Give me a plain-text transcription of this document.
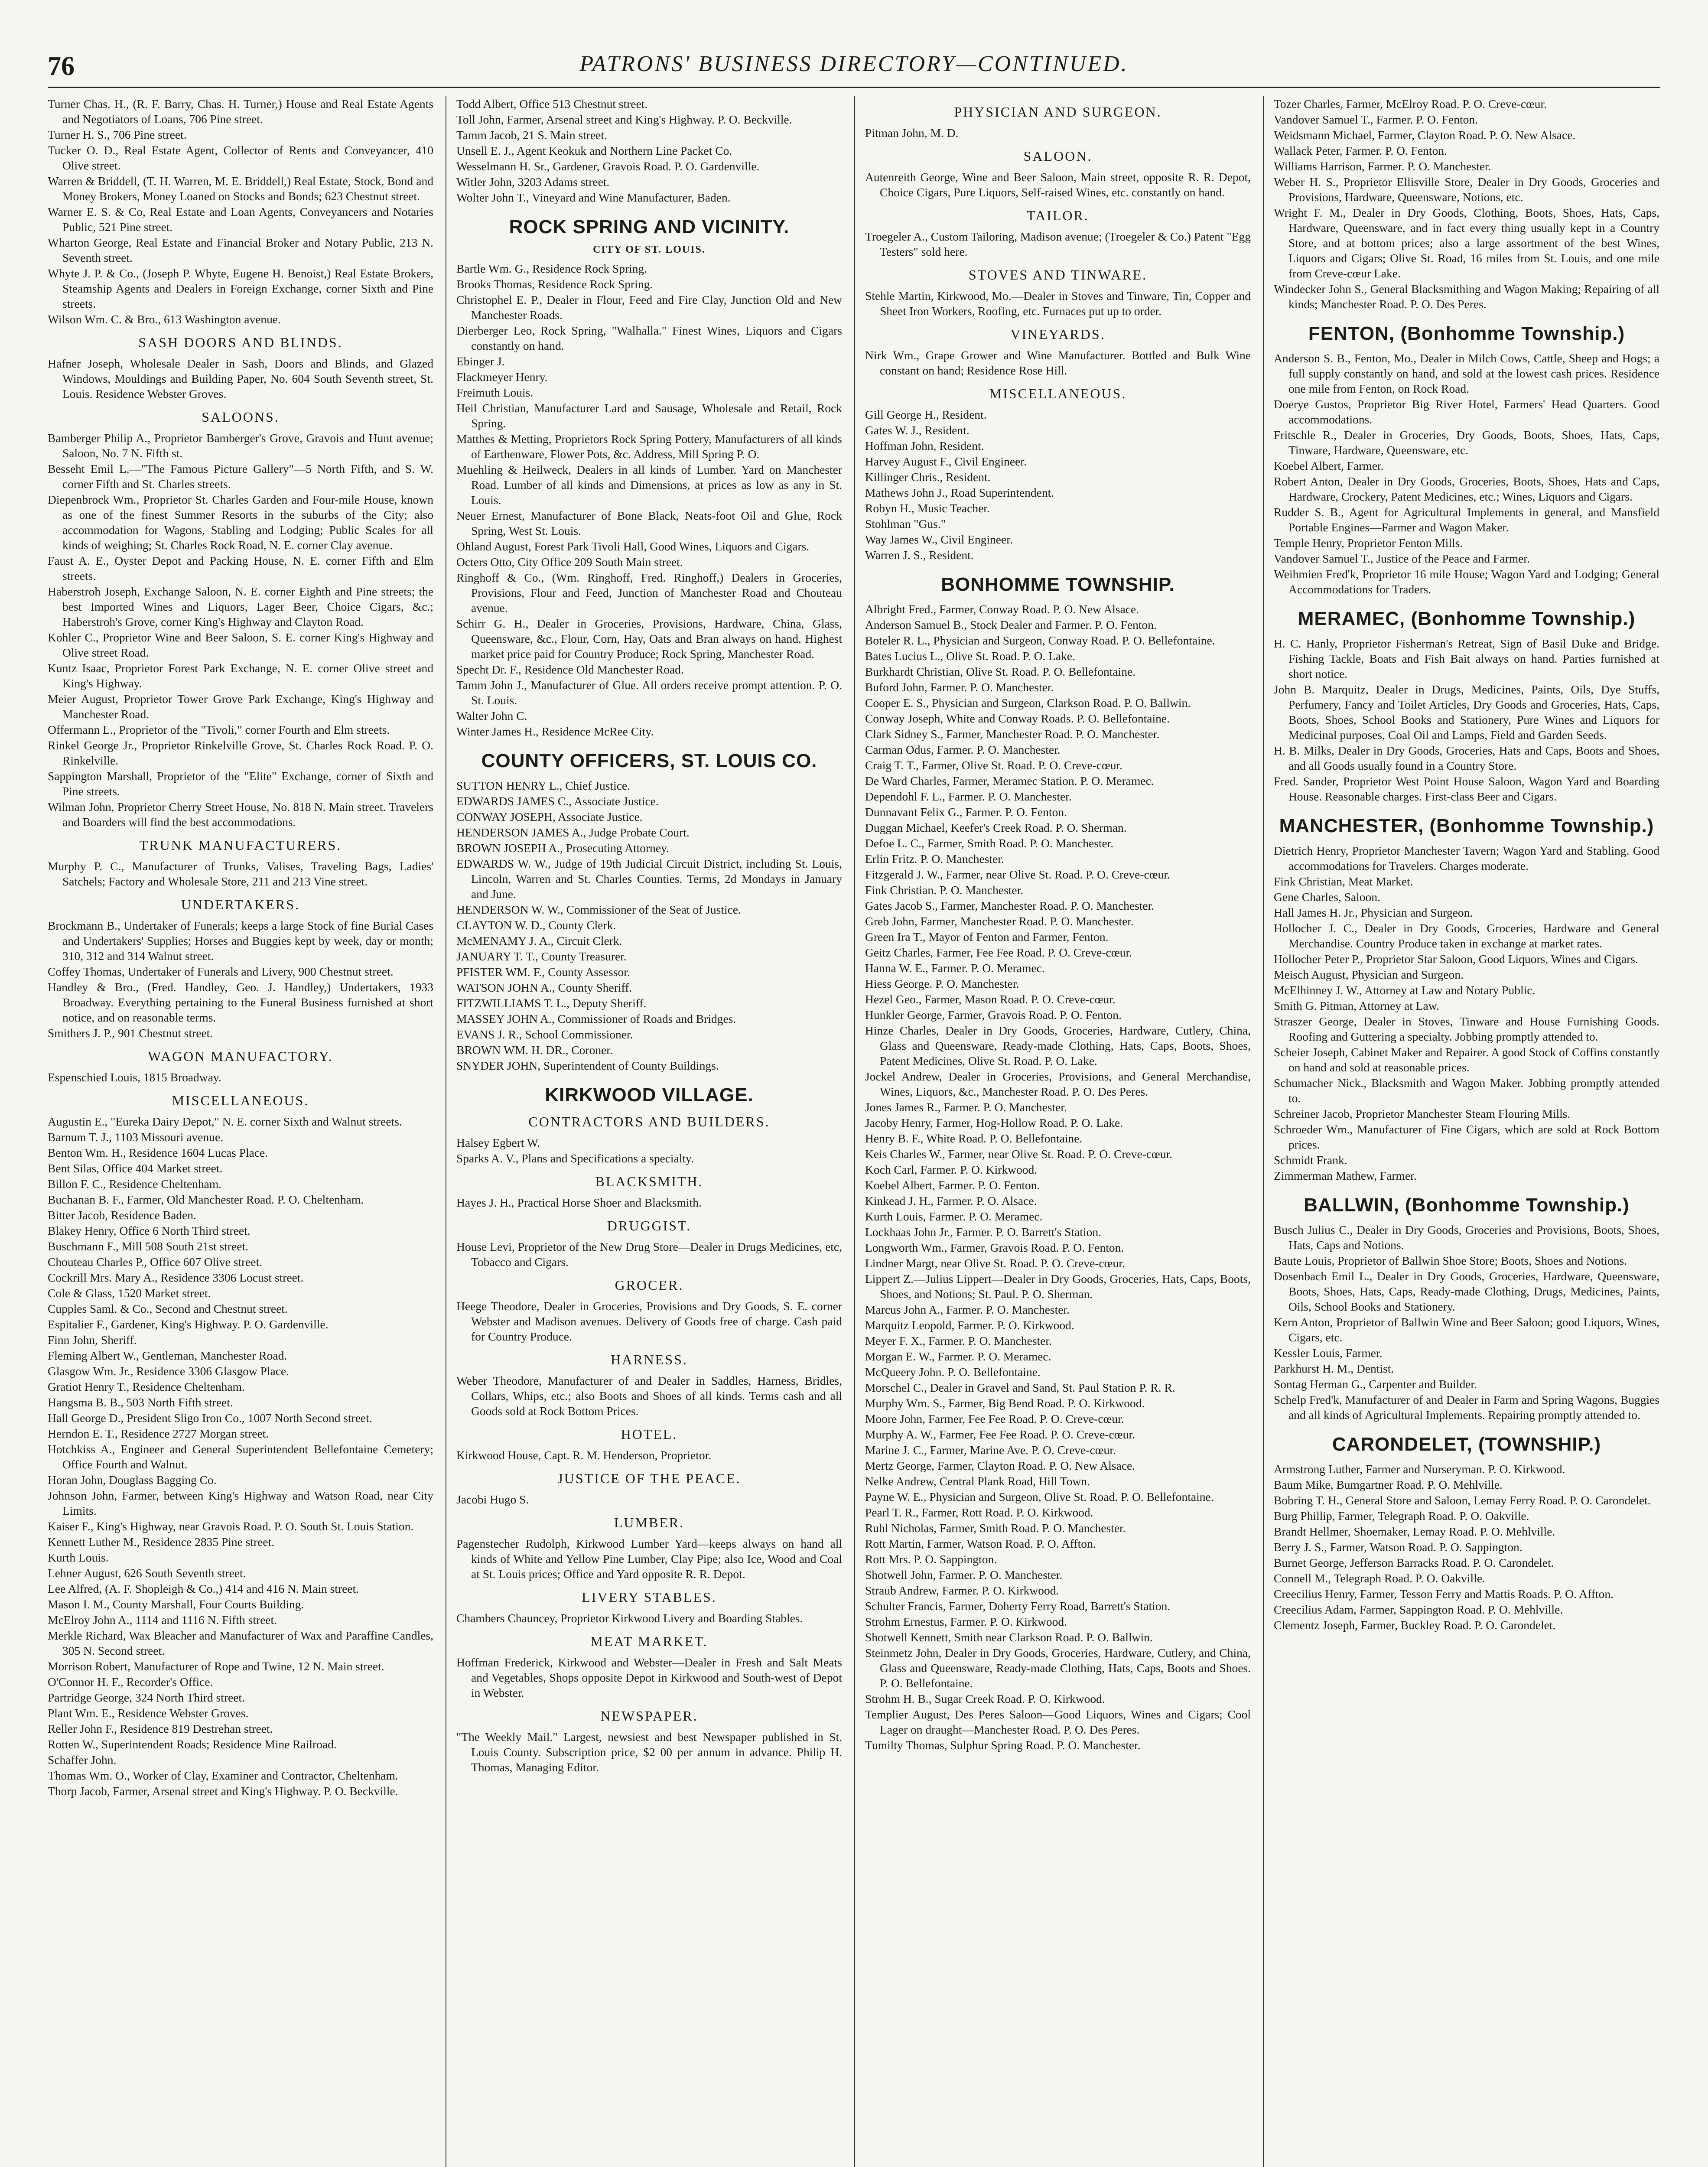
76	PATRONS' BUSINESS DIRECTORY—CONTINUED.
Turner Chas. H., (R. F. Barry, Chas. H. Turner,) House and Real Estate Agents and Negotiators of Loans, 706 Pine street.
Turner H. S., 706 Pine street.
Tucker O. D., Real Estate Agent, Collector of Rents and Conveyancer, 410 Olive street.
Warren & Briddell, (T. H. Warren, M. E. Briddell,) Real Estate, Stock, Bond and Money Brokers, Money Loaned on Stocks and Bonds; 623 Chestnut street.
Warner E. S. & Co, Real Estate and Loan Agents, Conveyancers and Notaries Public, 521 Pine street.
Wharton George, Real Estate and Financial Broker and Notary Public, 213 N. Seventh street.
Whyte J. P. & Co., (Joseph P. Whyte, Eugene H. Benoist,) Real Estate Brokers, Steamship Agents and Dealers in Foreign Exchange, corner Sixth and Pine streets.
Wilson Wm. C. & Bro., 613 Washington avenue.
SASH DOORS AND BLINDS.
Hafner Joseph, Wholesale Dealer in Sash, Doors and Blinds, and Glazed Windows, Mouldings and Building Paper, No. 604 South Seventh street, St. Louis. Residence Webster Groves.
SALOONS.
Bamberger Philip A., Proprietor Bamberger's Grove, Gravois and Hunt avenue; Saloon, No. 7 N. Fifth st.
Besseht Emil L.—"The Famous Picture Gallery"—5 North Fifth, and S. W. corner Fifth and St. Charles streets.
Diepenbrock Wm., Proprietor St. Charles Garden and Four-mile House, known as one of the finest Summer Resorts in the suburbs of the City; also accommodation for Wagons, Stabling and Lodging; Public Scales for all kinds of weighing; St. Charles Rock Road, N. E. corner Clay avenue.
Faust A. E., Oyster Depot and Packing House, N. E. corner Fifth and Elm streets.
Haberstroh Joseph, Exchange Saloon, N. E. corner Eighth and Pine streets; the best Imported Wines and Liquors, Lager Beer, Choice Cigars, &c.; Haberstroh's Grove, corner King's Highway and Clayton Road.
Kohler C., Proprietor Wine and Beer Saloon, S. E. corner King's Highway and Olive street Road.
Kuntz Isaac, Proprietor Forest Park Exchange, N. E. corner Olive street and King's Highway.
Meier August, Proprietor Tower Grove Park Exchange, King's Highway and Manchester Road.
Offermann L., Proprietor of the "Tivoli," corner Fourth and Elm streets.
Rinkel George Jr., Proprietor Rinkelville Grove, St. Charles Rock Road. P. O. Rinkelville.
Sappington Marshall, Proprietor of the "Elite" Exchange, corner of Sixth and Pine streets.
Wilman John, Proprietor Cherry Street House, No. 818 N. Main street. Travelers and Boarders will find the best accommodations.
TRUNK MANUFACTURERS.
Murphy P. C., Manufacturer of Trunks, Valises, Traveling Bags, Ladies' Satchels; Factory and Wholesale Store, 211 and 213 Vine street.
UNDERTAKERS.
Brockmann B., Undertaker of Funerals; keeps a large Stock of fine Burial Cases and Undertakers' Supplies; Horses and Buggies kept by week, day or month; 310, 312 and 314 Walnut street.
Coffey Thomas, Undertaker of Funerals and Livery, 900 Chestnut street.
Handley & Bro., (Fred. Handley, Geo. J. Handley,) Undertakers, 1933 Broadway. Everything pertaining to the Funeral Business furnished at short notice, and on reasonable terms.
Smithers J. P., 901 Chestnut street.
WAGON MANUFACTORY.
Espenschied Louis, 1815 Broadway.
MISCELLANEOUS.
Augustin E., "Eureka Dairy Depot," N. E. corner Sixth and Walnut streets.
Barnum T. J., 1103 Missouri avenue.
Benton Wm. H., Residence 1604 Lucas Place.
Bent Silas, Office 404 Market street.
Billon F. C., Residence Cheltenham.
Buchanan B. F., Farmer, Old Manchester Road. P. O. Cheltenham.
Bitter Jacob, Residence Baden.
Blakey Henry, Office 6 North Third street.
Buschmann F., Mill 508 South 21st street.
Chouteau Charles P., Office 607 Olive street.
Cockrill Mrs. Mary A., Residence 3306 Locust street.
Cole & Glass, 1520 Market street.
Cupples Saml. & Co., Second and Chestnut street.
Espitalier F., Gardener, King's Highway. P. O. Gardenville.
Finn John, Sheriff.
Fleming Albert W., Gentleman, Manchester Road.
Glasgow Wm. Jr., Residence 3306 Glasgow Place.
Gratiot Henry T., Residence Cheltenham.
Hangsma B. B., 503 North Fifth street.
Hall George D., President Sligo Iron Co., 1007 North Second street.
Herndon E. T., Residence 2727 Morgan street.
Hotchkiss A., Engineer and General Superintendent Bellefontaine Cemetery; Office Fourth and Walnut.
Horan John, Douglass Bagging Co.
Johnson John, Farmer, between King's Highway and Watson Road, near City Limits.
Kaiser F., King's Highway, near Gravois Road. P. O. South St. Louis Station.
Kennett Luther M., Residence 2835 Pine street.
Kurth Louis.
Lehner August, 626 South Seventh street.
Lee Alfred, (A. F. Shopleigh & Co.,) 414 and 416 N. Main street.
Mason I. M., County Marshall, Four Courts Building.
McElroy John A., 1114 and 1116 N. Fifth street.
Merkle Richard, Wax Bleacher and Manufacturer of Wax and Paraffine Candles, 305 N. Second street.
Morrison Robert, Manufacturer of Rope and Twine, 12 N. Main street.
O'Connor H. F., Recorder's Office.
Partridge George, 324 North Third street.
Plant Wm. E., Residence Webster Groves.
Reller John F., Residence 819 Destrehan street.
Rotten W., Superintendent Roads; Residence Mine Railroad.
Schaffer John.
Thomas Wm. O., Worker of Clay, Examiner and Contractor, Cheltenham.
Thorp Jacob, Farmer, Arsenal street and King's Highway. P. O. Beckville.
Todd Albert, Office 513 Chestnut street.
Toll John, Farmer, Arsenal street and King's Highway. P. O. Beckville.
Tamm Jacob, 21 S. Main street.
Unsell E. J., Agent Keokuk and Northern Line Packet Co.
Wesselmann H. Sr., Gardener, Gravois Road. P. O. Gardenville.
Witler John, 3203 Adams street.
Wolter John T., Vineyard and Wine Manufacturer, Baden.
ROCK SPRING AND VICINITY.
CITY OF ST. LOUIS.
Bartle Wm. G., Residence Rock Spring.
Brooks Thomas, Residence Rock Spring.
Christophel E. P., Dealer in Flour, Feed and Fire Clay, Junction Old and New Manchester Roads.
Dierberger Leo, Rock Spring, "Walhalla." Finest Wines, Liquors and Cigars constantly on hand.
Ebinger J.
Flackmeyer Henry.
Freimuth Louis.
Heil Christian, Manufacturer Lard and Sausage, Wholesale and Retail, Rock Spring.
Matthes & Metting, Proprietors Rock Spring Pottery, Manufacturers of all kinds of Earthenware, Flower Pots, &c. Address, Mill Spring P. O.
Muehling & Heilweck, Dealers in all kinds of Lumber. Yard on Manchester Road. Lumber of all kinds and Dimensions, at prices as low as any in St. Louis.
Neuer Ernest, Manufacturer of Bone Black, Neats-foot Oil and Glue, Rock Spring, West St. Louis.
Ohland August, Forest Park Tivoli Hall, Good Wines, Liquors and Cigars.
Octers Otto, City Office 209 South Main street.
Ringhoff & Co., (Wm. Ringhoff, Fred. Ringhoff,) Dealers in Groceries, Provisions, Flour and Feed, Junction of Manchester Road and Chouteau avenue.
Schirr G. H., Dealer in Groceries, Provisions, Hardware, China, Glass, Queensware, &c., Flour, Corn, Hay, Oats and Bran always on hand. Highest market price paid for Country Produce; Rock Spring, Manchester Road.
Specht Dr. F., Residence Old Manchester Road.
Tamm John J., Manufacturer of Glue. All orders receive prompt attention. P. O. St. Louis.
Walter John C.
Winter James H., Residence McRee City.
COUNTY OFFICERS, ST. LOUIS CO.
SUTTON HENRY L., Chief Justice.
EDWARDS JAMES C., Associate Justice.
CONWAY JOSEPH, Associate Justice.
HENDERSON JAMES A., Judge Probate Court.
BROWN JOSEPH A., Prosecuting Attorney.
EDWARDS W. W., Judge of 19th Judicial Circuit District, including St. Louis, Lincoln, Warren and St. Charles Counties. Terms, 2d Mondays in January and June.
HENDERSON W. W., Commissioner of the Seat of Justice.
CLAYTON W. D., County Clerk.
McMENAMY J. A., Circuit Clerk.
JANUARY T. T., County Treasurer.
PFISTER WM. F., County Assessor.
WATSON JOHN A., County Sheriff.
FITZWILLIAMS T. L., Deputy Sheriff.
MASSEY JOHN A., Commissioner of Roads and Bridges.
EVANS J. R., School Commissioner.
BROWN WM. H. DR., Coroner.
SNYDER JOHN, Superintendent of County Buildings.
KIRKWOOD VILLAGE.
CONTRACTORS AND BUILDERS.
Halsey Egbert W.
Sparks A. V., Plans and Specifications a specialty.
BLACKSMITH.
Hayes J. H., Practical Horse Shoer and Blacksmith.
DRUGGIST.
House Levi, Proprietor of the New Drug Store—Dealer in Drugs Medicines, etc, Tobacco and Cigars.
GROCER.
Heege Theodore, Dealer in Groceries, Provisions and Dry Goods, S. E. corner Webster and Madison avenues. Delivery of Goods free of charge. Cash paid for Country Produce.
HARNESS.
Weber Theodore, Manufacturer of and Dealer in Saddles, Harness, Bridles, Collars, Whips, etc.; also Boots and Shoes of all kinds. Terms cash and all Goods sold at Rock Bottom Prices.
HOTEL.
Kirkwood House, Capt. R. M. Henderson, Proprietor.
JUSTICE OF THE PEACE.
Jacobi Hugo S.
LUMBER.
Pagenstecher Rudolph, Kirkwood Lumber Yard—keeps always on hand all kinds of White and Yellow Pine Lumber, Clay Pipe; also Ice, Wood and Coal at St. Louis prices; Office and Yard opposite R. R. Depot.
LIVERY STABLES.
Chambers Chauncey, Proprietor Kirkwood Livery and Boarding Stables.
MEAT MARKET.
Hoffman Frederick, Kirkwood and Webster—Dealer in Fresh and Salt Meats and Vegetables, Shops opposite Depot in Kirkwood and South-west of Depot in Webster.
NEWSPAPER.
"The Weekly Mail." Largest, newsiest and best Newspaper published in St. Louis County. Subscription price, $2 00 per annum in advance. Philip H. Thomas, Managing Editor.
PHYSICIAN AND SURGEON.
Pitman John, M. D.
SALOON.
Autenreith George, Wine and Beer Saloon, Main street, opposite R. R. Depot, Choice Cigars, Pure Liquors, Self-raised Wines, etc. constantly on hand.
TAILOR.
Troegeler A., Custom Tailoring, Madison avenue; (Troegeler & Co.) Patent "Egg Testers" sold here.
STOVES AND TINWARE.
Stehle Martin, Kirkwood, Mo.—Dealer in Stoves and Tinware, Tin, Copper and Sheet Iron Workers, Roofing, etc. Furnaces put up to order.
VINEYARDS.
Nirk Wm., Grape Grower and Wine Manufacturer. Bottled and Bulk Wine constant on hand; Residence Rose Hill.
MISCELLANEOUS.
Gill George H., Resident.
Gates W. J., Resident.
Hoffman John, Resident.
Harvey August F., Civil Engineer.
Killinger Chris., Resident.
Mathews John J., Road Superintendent.
Robyn H., Music Teacher.
Stohlman "Gus."
Way James W., Civil Engineer.
Warren J. S., Resident.
BONHOMME TOWNSHIP.
Albright Fred., Farmer, Conway Road. P. O. New Alsace.
Anderson Samuel B., Stock Dealer and Farmer. P. O. Fenton.
Boteler R. L., Physician and Surgeon, Conway Road. P. O. Bellefontaine.
Bates Lucius L., Olive St. Road. P. O. Lake.
Burkhardt Christian, Olive St. Road. P. O. Bellefontaine.
Buford John, Farmer. P. O. Manchester.
Cooper E. S., Physician and Surgeon, Clarkson Road. P. O. Ballwin.
Conway Joseph, White and Conway Roads. P. O. Bellefontaine.
Clark Sidney S., Farmer, Manchester Road. P. O. Manchester.
Carman Odus, Farmer. P. O. Manchester.
Craig T. T., Farmer, Olive St. Road. P. O. Creve-cœur.
De Ward Charles, Farmer, Meramec Station. P. O. Meramec.
Dependohl F. L., Farmer. P. O. Manchester.
Dunnavant Felix G., Farmer. P. O. Fenton.
Duggan Michael, Keefer's Creek Road. P. O. Sherman.
Defoe L. C., Farmer, Smith Road. P. O. Manchester.
Erlin Fritz. P. O. Manchester.
Fitzgerald J. W., Farmer, near Olive St. Road. P. O. Creve-cœur.
Fink Christian. P. O. Manchester.
Gates Jacob S., Farmer, Manchester Road. P. O. Manchester.
Greb John, Farmer, Manchester Road. P. O. Manchester.
Green Ira T., Mayor of Fenton and Farmer, Fenton.
Geitz Charles, Farmer, Fee Fee Road. P. O. Creve-cœur.
Hanna W. E., Farmer. P. O. Meramec.
Hiess George. P. O. Manchester.
Hezel Geo., Farmer, Mason Road. P. O. Creve-cœur.
Hunkler George, Farmer, Gravois Road. P. O. Fenton.
Hinze Charles, Dealer in Dry Goods, Groceries, Hardware, Cutlery, China, Glass and Queensware, Ready-made Clothing, Hats, Caps, Boots, Shoes, Patent Medicines, Olive St. Road. P. O. Lake.
Jockel Andrew, Dealer in Groceries, Provisions, and General Merchandise, Wines, Liquors, &c., Manchester Road. P. O. Des Peres.
Jones James R., Farmer. P. O. Manchester.
Jacoby Henry, Farmer, Hog-Hollow Road. P. O. Lake.
Henry B. F., White Road. P. O. Bellefontaine.
Keis Charles W., Farmer, near Olive St. Road. P. O. Creve-cœur.
Koch Carl, Farmer. P. O. Kirkwood.
Koebel Albert, Farmer. P. O. Fenton.
Kinkead J. H., Farmer. P. O. Alsace.
Kurth Louis, Farmer. P. O. Meramec.
Lockhaas John Jr., Farmer. P. O. Barrett's Station.
Longworth Wm., Farmer, Gravois Road. P. O. Fenton.
Lindner Margt, near Olive St. Road. P. O. Creve-cœur.
Lippert Z.—Julius Lippert—Dealer in Dry Goods, Groceries, Hats, Caps, Boots, Shoes, and Notions; St. Paul. P. O. Sherman.
Marcus John A., Farmer. P. O. Manchester.
Marquitz Leopold, Farmer. P. O. Kirkwood.
Meyer F. X., Farmer. P. O. Manchester.
Morgan E. W., Farmer. P. O. Meramec.
McQueery John. P. O. Bellefontaine.
Morschel C., Dealer in Gravel and Sand, St. Paul Station P. R. R.
Murphy Wm. S., Farmer, Big Bend Road. P. O. Kirkwood.
Moore John, Farmer, Fee Fee Road. P. O. Creve-cœur.
Murphy A. W., Farmer, Fee Fee Road. P. O. Creve-cœur.
Marine J. C., Farmer, Marine Ave. P. O. Creve-cœur.
Mertz George, Farmer, Clayton Road. P. O. New Alsace.
Nelke Andrew, Central Plank Road, Hill Town.
Payne W. E., Physician and Surgeon, Olive St. Road. P. O. Bellefontaine.
Pearl T. R., Farmer, Rott Road. P. O. Kirkwood.
Ruhl Nicholas, Farmer, Smith Road. P. O. Manchester.
Rott Martin, Farmer, Watson Road. P. O. Affton.
Rott Mrs. P. O. Sappington.
Shotwell John, Farmer. P. O. Manchester.
Straub Andrew, Farmer. P. O. Kirkwood.
Schulter Francis, Farmer, Doherty Ferry Road, Barrett's Station.
Strohm Ernestus, Farmer. P. O. Kirkwood.
Shotwell Kennett, Smith near Clarkson Road. P. O. Ballwin.
Steinmetz John, Dealer in Dry Goods, Groceries, Hardware, Cutlery, and China, Glass and Queensware, Ready-made Clothing, Hats, Caps, Boots and Shoes. P. O. Bellefontaine.
Strohm H. B., Sugar Creek Road. P. O. Kirkwood.
Templier August, Des Peres Saloon—Good Liquors, Wines and Cigars; Cool Lager on draught—Manchester Road. P. O. Des Peres.
Tumilty Thomas, Sulphur Spring Road. P. O. Manchester.
Tozer Charles, Farmer, McElroy Road. P. O. Creve-cœur.
Vandover Samuel T., Farmer. P. O. Fenton.
Weidsmann Michael, Farmer, Clayton Road. P. O. New Alsace.
Wallack Peter, Farmer. P. O. Fenton.
Williams Harrison, Farmer. P. O. Manchester.
Weber H. S., Proprietor Ellisville Store, Dealer in Dry Goods, Groceries and Provisions, Hardware, Queensware, Notions, etc.
Wright F. M., Dealer in Dry Goods, Clothing, Boots, Shoes, Hats, Caps, Hardware, Queensware, and in fact every thing usually kept in a Country Store, and at bottom prices; also a large assortment of the best Wines, Liquors and Cigars; Olive St. Road, 16 miles from St. Louis, and one mile from Creve-cœur Lake.
Windecker John S., General Blacksmithing and Wagon Making; Repairing of all kinds; Manchester Road. P. O. Des Peres.
FENTON, (Bonhomme Township.)
Anderson S. B., Fenton, Mo., Dealer in Milch Cows, Cattle, Sheep and Hogs; a full supply constantly on hand, and sold at the lowest cash prices. Residence one mile from Fenton, on Rock Road.
Doerye Gustos, Proprietor Big River Hotel, Farmers' Head Quarters. Good accommodations.
Fritschle R., Dealer in Groceries, Dry Goods, Boots, Shoes, Hats, Caps, Tinware, Hardware, Queensware, etc.
Koebel Albert, Farmer.
Robert Anton, Dealer in Dry Goods, Groceries, Boots, Shoes, Hats and Caps, Hardware, Crockery, Patent Medicines, etc.; Wines, Liquors and Cigars.
Rudder S. B., Agent for Agricultural Implements in general, and Mansfield Portable Engines—Farmer and Wagon Maker.
Temple Henry, Proprietor Fenton Mills.
Vandover Samuel T., Justice of the Peace and Farmer.
Weihmien Fred'k, Proprietor 16 mile House; Wagon Yard and Lodging; General Accommodations for Traders.
MERAMEC, (Bonhomme Township.)
H. C. Hanly, Proprietor Fisherman's Retreat, Sign of Basil Duke and Bridge. Fishing Tackle, Boats and Fish Bait always on hand. Parties furnished at short notice.
John B. Marquitz, Dealer in Drugs, Medicines, Paints, Oils, Dye Stuffs, Perfumery, Fancy and Toilet Articles, Dry Goods and Groceries, Hats, Caps, Boots, Shoes, School Books and Stationery, Pure Wines and Liquors for Medicinal purposes, Coal Oil and Lamps, Field and Garden Seeds.
H. B. Milks, Dealer in Dry Goods, Groceries, Hats and Caps, Boots and Shoes, and all Goods usually found in a Country Store.
Fred. Sander, Proprietor West Point House Saloon, Wagon Yard and Boarding House. Reasonable charges. First-class Beer and Cigars.
MANCHESTER, (Bonhomme Township.)
Dietrich Henry, Proprietor Manchester Tavern; Wagon Yard and Stabling. Good accommodations for Travelers. Charges moderate.
Fink Christian, Meat Market.
Gene Charles, Saloon.
Hall James H. Jr., Physician and Surgeon.
Hollocher J. C., Dealer in Dry Goods, Groceries, Hardware and General Merchandise. Country Produce taken in exchange at market rates.
Hollocher Peter P., Proprietor Star Saloon, Good Liquors, Wines and Cigars.
Meisch August, Physician and Surgeon.
McElhinney J. W., Attorney at Law and Notary Public.
Smith G. Pitman, Attorney at Law.
Straszer George, Dealer in Stoves, Tinware and House Furnishing Goods. Roofing and Guttering a specialty. Jobbing promptly attended to.
Scheier Joseph, Cabinet Maker and Repairer. A good Stock of Coffins constantly on hand and sold at reasonable prices.
Schumacher Nick., Blacksmith and Wagon Maker. Jobbing promptly attended to.
Schreiner Jacob, Proprietor Manchester Steam Flouring Mills.
Schroeder Wm., Manufacturer of Fine Cigars, which are sold at Rock Bottom prices.
Schmidt Frank.
Zimmerman Mathew, Farmer.
BALLWIN, (Bonhomme Township.)
Busch Julius C., Dealer in Dry Goods, Groceries and Provisions, Boots, Shoes, Hats, Caps and Notions.
Baute Louis, Proprietor of Ballwin Shoe Store; Boots, Shoes and Notions.
Dosenbach Emil L., Dealer in Dry Goods, Groceries, Hardware, Queensware, Boots, Shoes, Hats, Caps, Ready-made Clothing, Drugs, Medicines, Paints, Oils, School Books and Stationery.
Kern Anton, Proprietor of Ballwin Wine and Beer Saloon; good Liquors, Wines, Cigars, etc.
Kessler Louis, Farmer.
Parkhurst H. M., Dentist.
Sontag Herman G., Carpenter and Builder.
Schelp Fred'k, Manufacturer of and Dealer in Farm and Spring Wagons, Buggies and all kinds of Agricultural Implements. Repairing promptly attended to.
CARONDELET, (TOWNSHIP.)
Armstrong Luther, Farmer and Nurseryman. P. O. Kirkwood.
Baum Mike, Bumgartner Road. P. O. Mehlville.
Bobring T. H., General Store and Saloon, Lemay Ferry Road. P. O. Carondelet.
Burg Phillip, Farmer, Telegraph Road. P. O. Oakville.
Brandt Hellmer, Shoemaker, Lemay Road. P. O. Mehlville.
Berry J. S., Farmer, Watson Road. P. O. Sappington.
Burnet George, Jefferson Barracks Road. P. O. Carondelet.
Connell M., Telegraph Road. P. O. Oakville.
Creecilius Henry, Farmer, Tesson Ferry and Mattis Roads. P. O. Affton.
Creecilius Adam, Farmer, Sappington Road. P. O. Mehlville.
Clementz Joseph, Farmer, Buckley Road. P. O. Carondelet.
